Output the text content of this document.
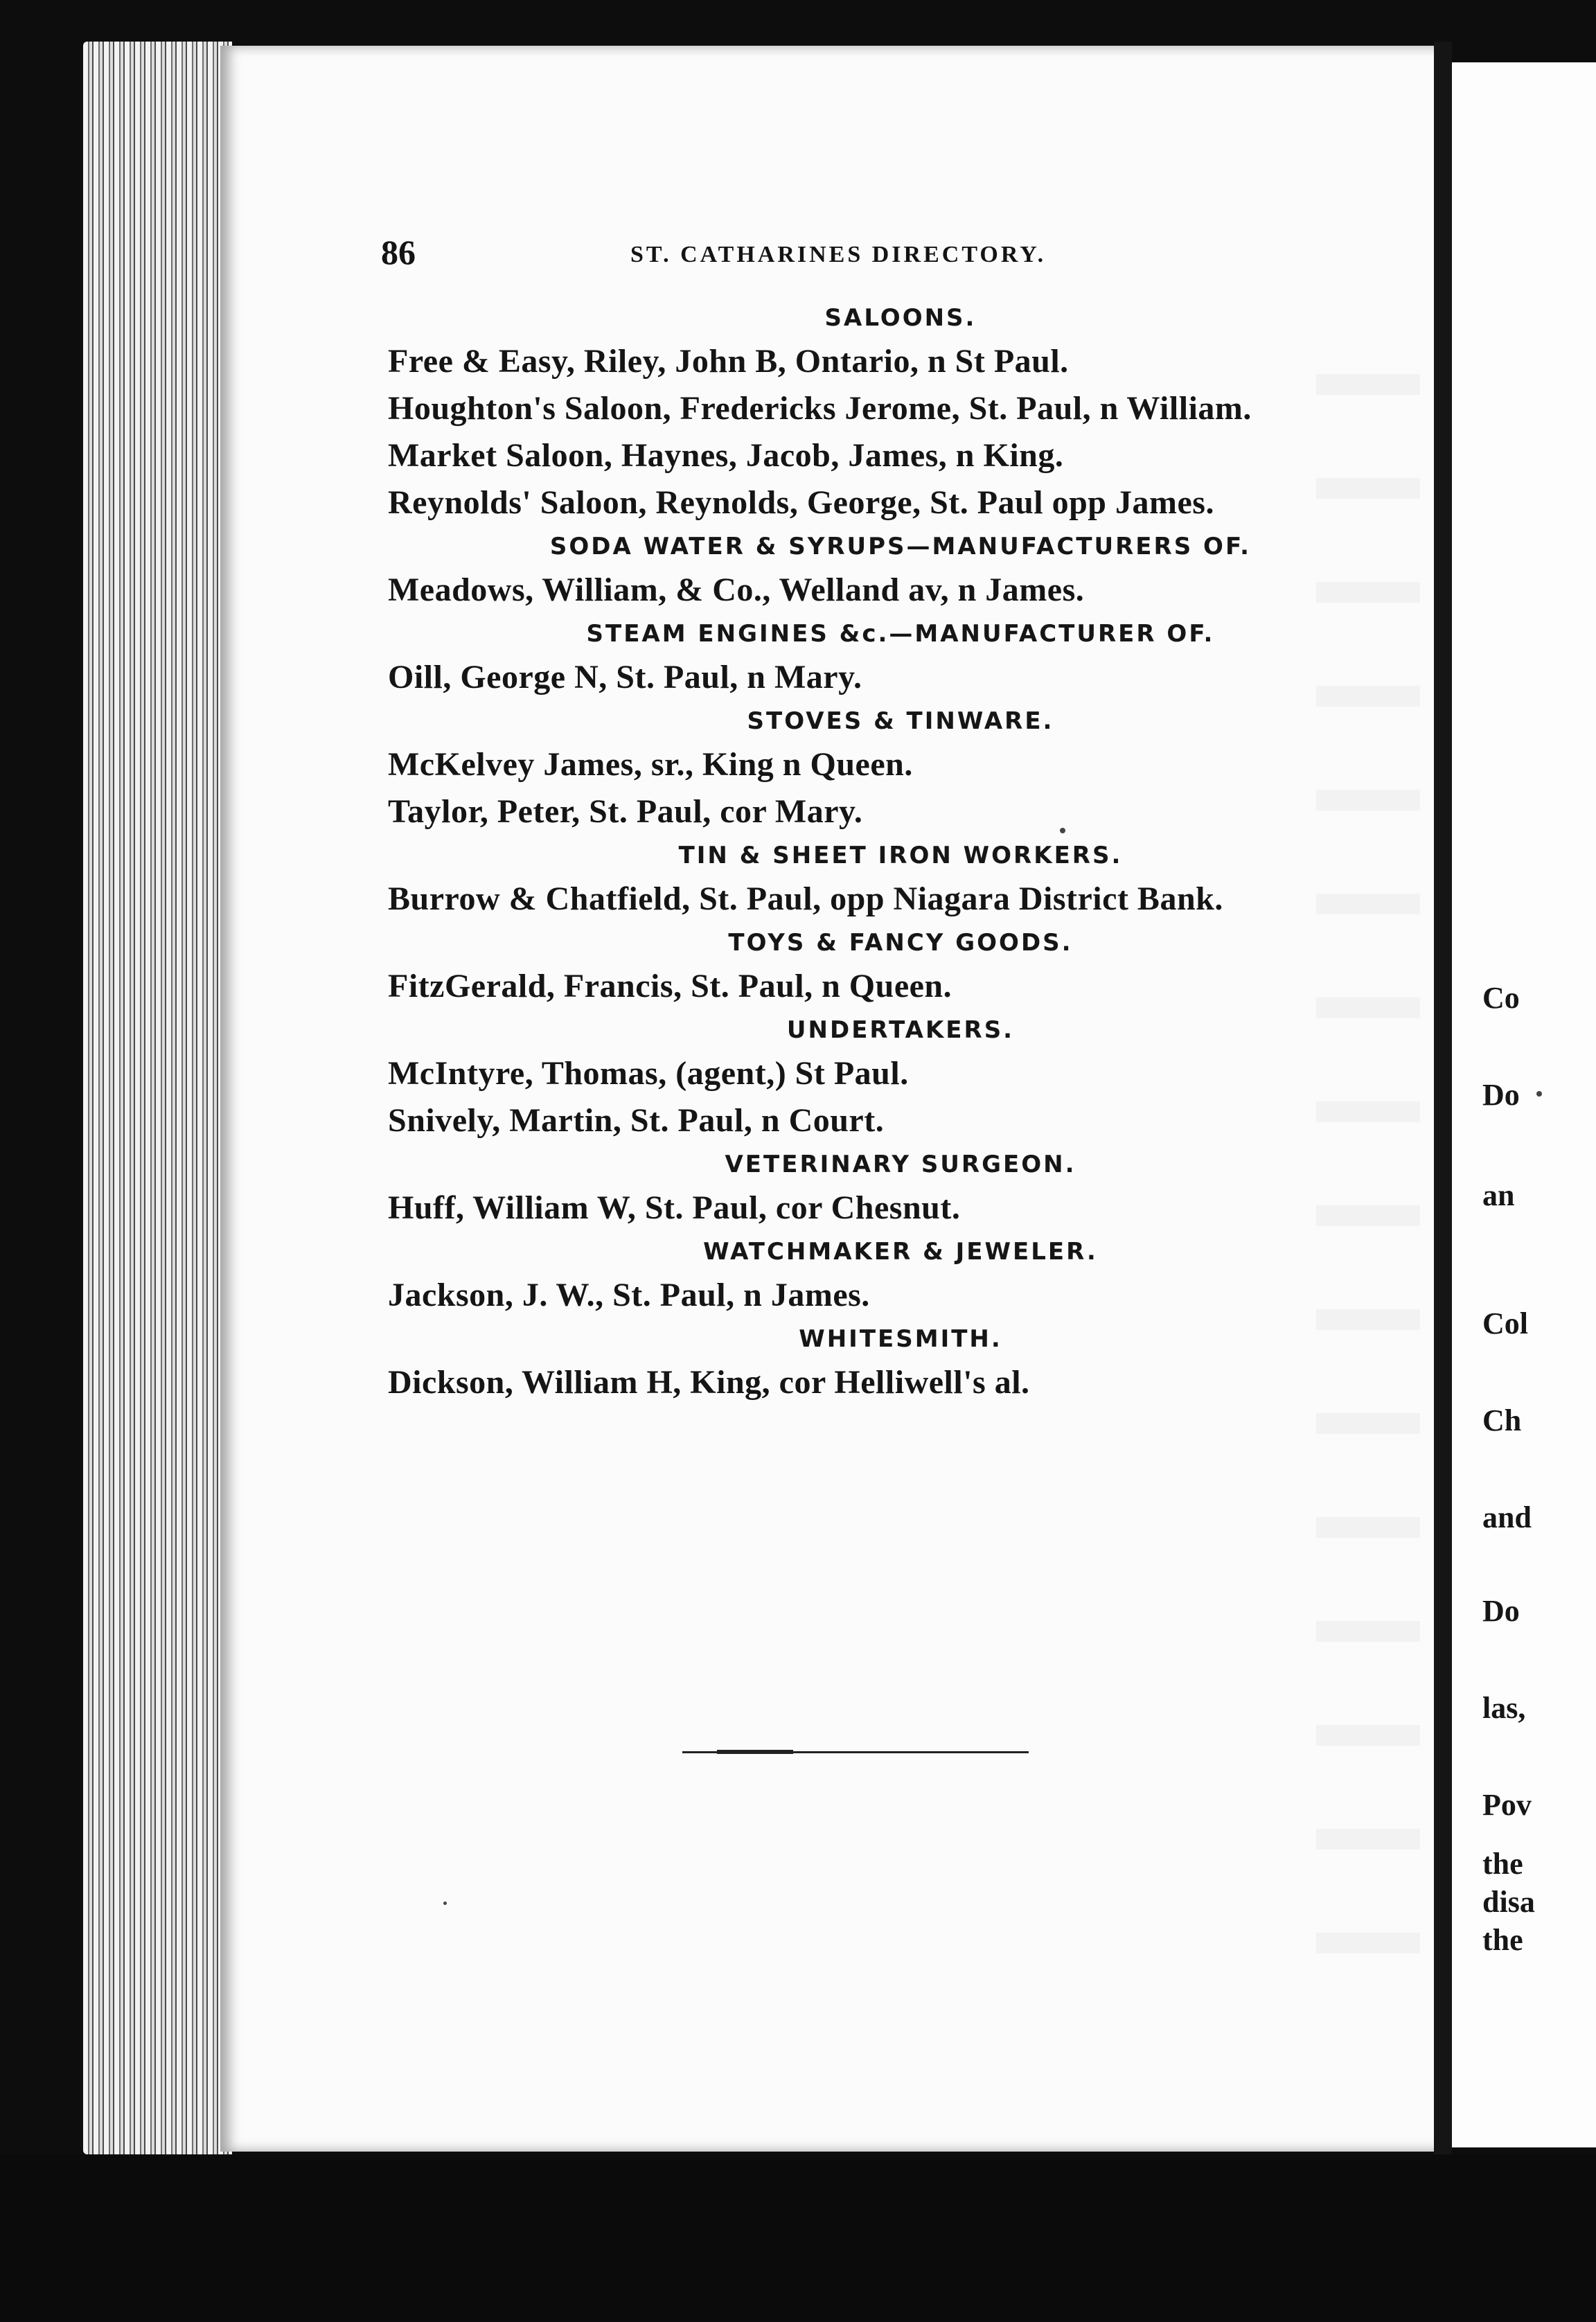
86	ST. CATHARINES DIRECTORY.
SALOONS.
Free & Easy, Riley, John B, Ontario, n St Paul.
Houghton's Saloon, Fredericks Jerome, St. Paul, n William.
Market Saloon, Haynes, Jacob, James, n King.
Reynolds' Saloon, Reynolds, George, St. Paul opp James.
SODA WATER & SYRUPS—MANUFACTURERS OF.
Meadows, William, & Co., Welland av, n James.
STEAM ENGINES &c.—MANUFACTURER OF.
Oill, George N, St. Paul, n Mary.
STOVES & TINWARE.
McKelvey James, sr., King n Queen.
Taylor, Peter, St. Paul, cor Mary.
TIN & SHEET IRON WORKERS.
Burrow & Chatfield, St. Paul, opp Niagara District Bank.
TOYS & FANCY GOODS.
FitzGerald, Francis, St. Paul, n Queen.
UNDERTAKERS.
McIntyre, Thomas, (agent,) St Paul.
Snively, Martin, St. Paul, n Court.
VETERINARY SURGEON.
Huff, William W, St. Paul, cor Chesnut.
WATCHMAKER & JEWELER.
Jackson, J. W., St. Paul, n James.
WHITESMITH.
Dickson, William H, King, cor Helliwell's al.
Co
Do
an
Col
Ch
and
Do
las,
Pov
the
disa
the
